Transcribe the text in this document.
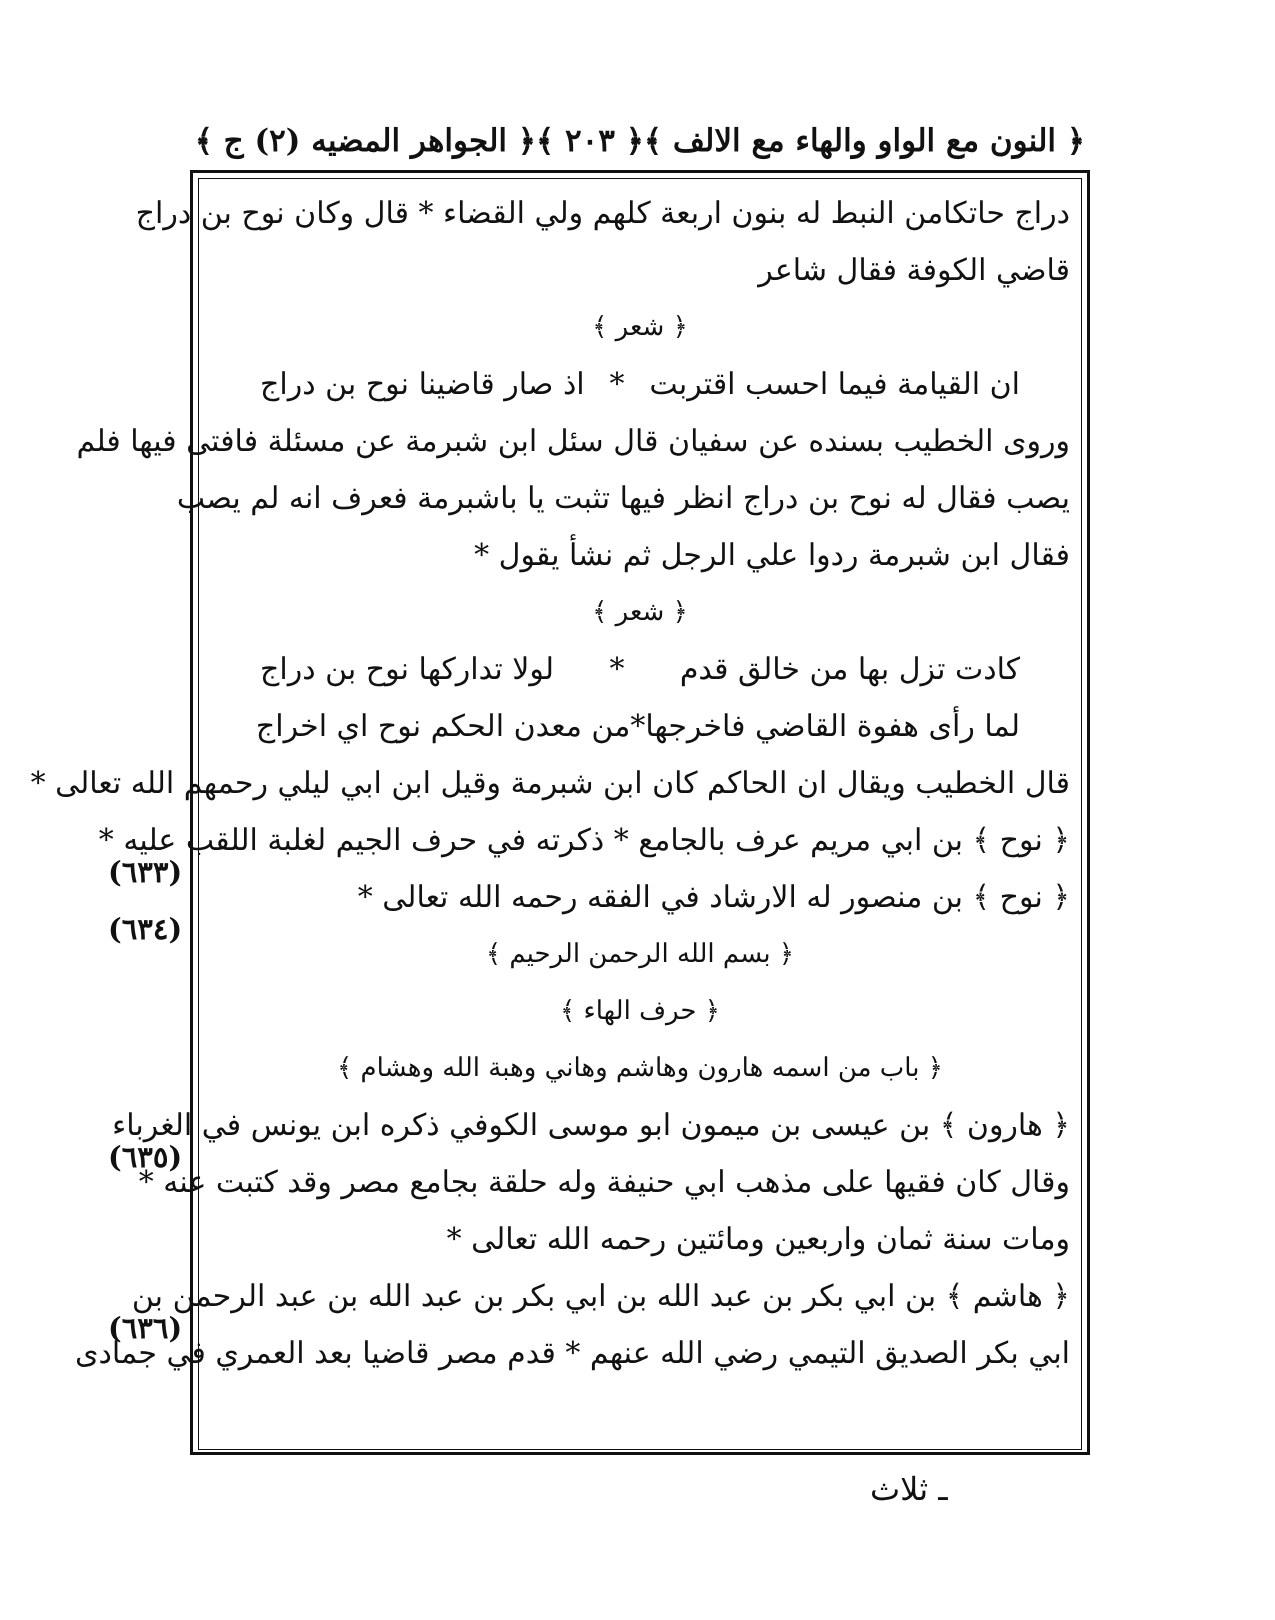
﴿ النون مع الواو والهاء مع الالف ﴾
﴿ ٢٠٣ ﴾
﴿ الجواهر المضيه (٢) ج ﴾
دراج حاتكامن النبط له بنون اربعة كلهم ولي القضاء * قال وكان نوح بن دراج
قاضي الكوفة فقال شاعر
﴿ شعر ﴾
ان القيامة فيما احسب اقتربت
*
اذ صار قاضينا نوح بن دراج
وروى الخطيب بسنده عن سفيان قال سئل ابن شبرمة عن مسئلة فافتى فيها فلم
يصب فقال له نوح بن دراج انظر فيها تثبت يا باشبرمة فعرف انه لم يصب
فقال ابن شبرمة ردوا علي الرجل ثم نشأ يقول *
﴿ شعر ﴾
كادت تزل بها من خالق قدم
*
لولا تداركها نوح بن دراج
لما رأى هفوة القاضي فاخرجها
*
من معدن الحكم نوح اي اخراج
قال الخطيب ويقال ان الحاكم كان ابن شبرمة وقيل ابن ابي ليلي رحمهم الله تعالى *
﴿ نوح ﴾ بن ابي مريم عرف بالجامع * ذكرته في حرف الجيم لغلبة اللقب عليه *
﴿ نوح ﴾ بن منصور له الارشاد في الفقه رحمه الله تعالى *
﴿ بسم الله الرحمن الرحيم ﴾
﴿ حرف الهاء ﴾
﴿ باب من اسمه هارون وهاشم وهاني وهبة الله وهشام ﴾
﴿ هارون ﴾ بن عيسى بن ميمون ابو موسى الكوفي ذكره ابن يونس في الغرباء
وقال كان فقيها على مذهب ابي حنيفة وله حلقة بجامع مصر وقد كتبت عنه *
ومات سنة ثمان واربعين ومائتين رحمه الله تعالى *
﴿ هاشم ﴾ بن ابي بكر بن عبد الله بن ابي بكر بن عبد الله بن عبد الرحمن بن
ابي بكر الصديق التيمي رضي الله عنهم * قدم مصر قاضيا بعد العمري في جمادى
(٦٣٣)
(٦٣٤)
(٦٣٥)
(٦٣٦)
ـ ثلاث
